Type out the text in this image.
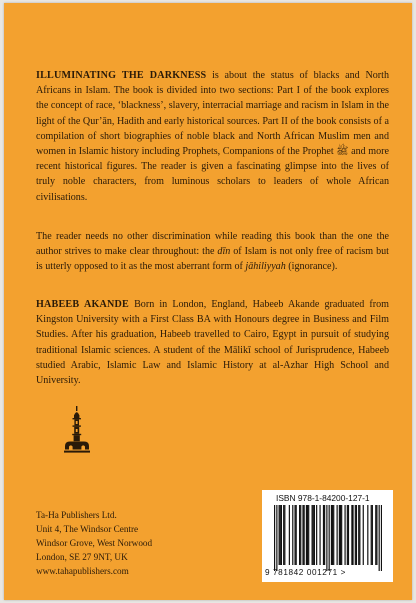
ILLUMINATING THE DARKNESS is about the status of blacks and North Africans in Islam. The book is divided into two sections: Part I of the book explores the concept of race, ‘blackness’, slavery, interracial marriage and racism in Islam in the light of the Qur’ān, Hadith and early historical sources. Part II of the book consists of a compilation of short biographies of noble black and North African Muslim men and women in Islamic history including Prophets, Companions of the Prophet ﷺ and more recent historical figures. The reader is given a fascinating glimpse into the lives of truly noble characters, from luminous scholars to leaders of whole African civilisations.

The reader needs no other discrimination while reading this book than the one the author strives to make clear throughout: the dīn of Islam is not only free of racism but is utterly opposed to it as the most aberrant form of jāhiliyyah (ignorance).

HABEEB AKANDE Born in London, England, Habeeb Akande graduated from Kingston University with a First Class BA with Honours degree in Business and Film Studies. After his graduation, Habeeb travelled to Cairo, Egypt in pursuit of studying traditional Islamic sciences. A student of the Mālikī school of Jurisprudence, Habeeb studied Arabic, Islamic Law and Islamic History at al-Azhar High School and University.

Ta-Ha Publishers Ltd.
Unit 4, The Windsor Centre
Windsor Grove, West Norwood
London, SE 27 9NT, UK
www.tahapublishers.com
ISBN 978-1-84200-127-1
9 781842 001271 >
